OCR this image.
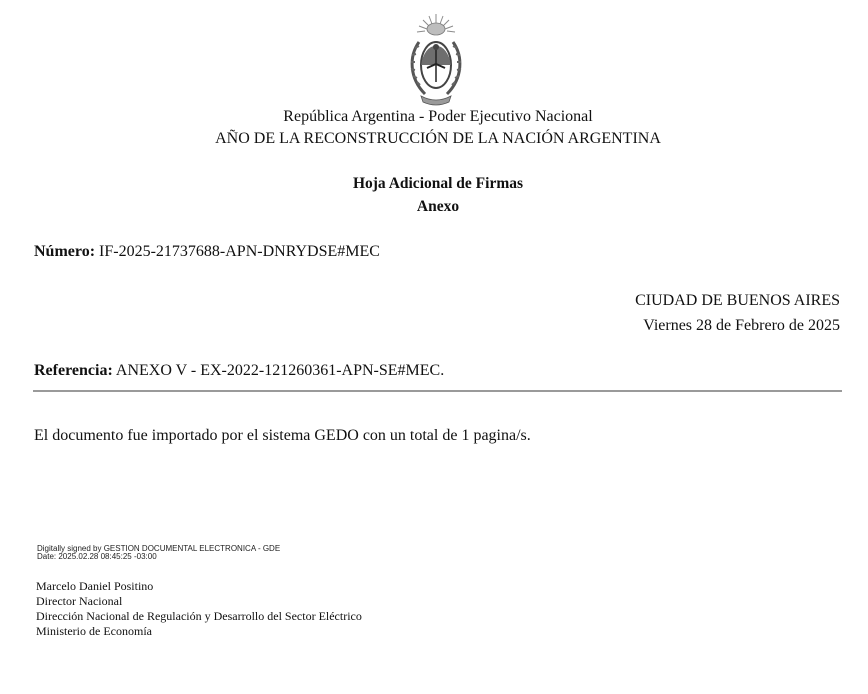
República Argentina - Poder Ejecutivo Nacional
AÑO DE LA RECONSTRUCCIÓN DE LA NACIÓN ARGENTINA
Hoja Adicional de Firmas
Anexo
Número: IF-2025-21737688-APN-DNRYDSE#MEC
CIUDAD DE BUENOS AIRES
Viernes 28 de Febrero de 2025
Referencia: ANEXO V - EX-2022-121260361-APN-SE#MEC.
El documento fue importado por el sistema GEDO con un total de 1 pagina/s.
Digitally signed by GESTION DOCUMENTAL ELECTRONICA - GDE
Date: 2025.02.28 08:45:25 -03:00
Marcelo Daniel Positino
Director Nacional
Dirección Nacional de Regulación y Desarrollo del Sector Eléctrico
Ministerio de Economía
